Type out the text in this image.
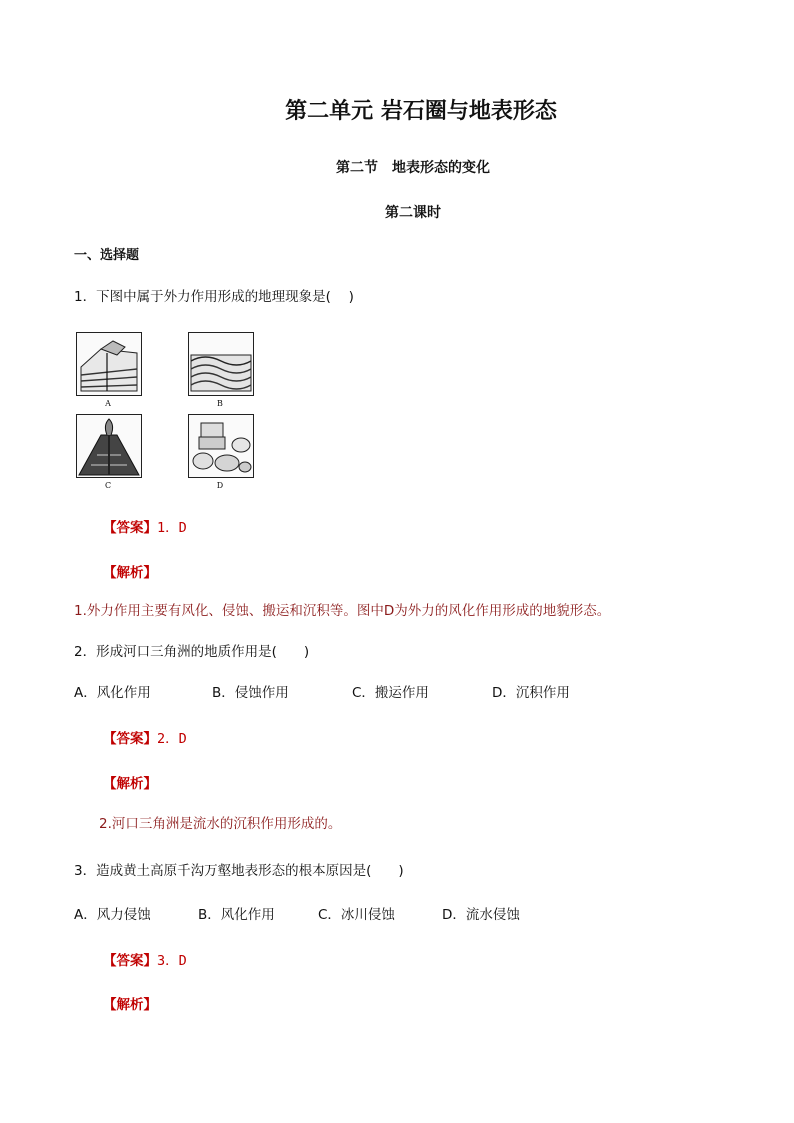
第二单元 岩石圈与地表形态
第二节　地表形态的变化
第二课时
一、选择题
1．下图中属于外力作用形成的地理现象是(　 )
A	B
C	D
【答案】1．D
【解析】
1.外力作用主要有风化、侵蚀、搬运和沉积等。图中D为外力的风化作用形成的地貌形态。
2．形成河口三角洲的地质作用是(　　)
A．风化作用	B．侵蚀作用	C．搬运作用	D．沉积作用
【答案】2．D
【解析】
2.河口三角洲是流水的沉积作用形成的。
3．造成黄土高原千沟万壑地表形态的根本原因是(　　)
A．风力侵蚀	B．风化作用	C．冰川侵蚀	D．流水侵蚀
【答案】3．D
【解析】
